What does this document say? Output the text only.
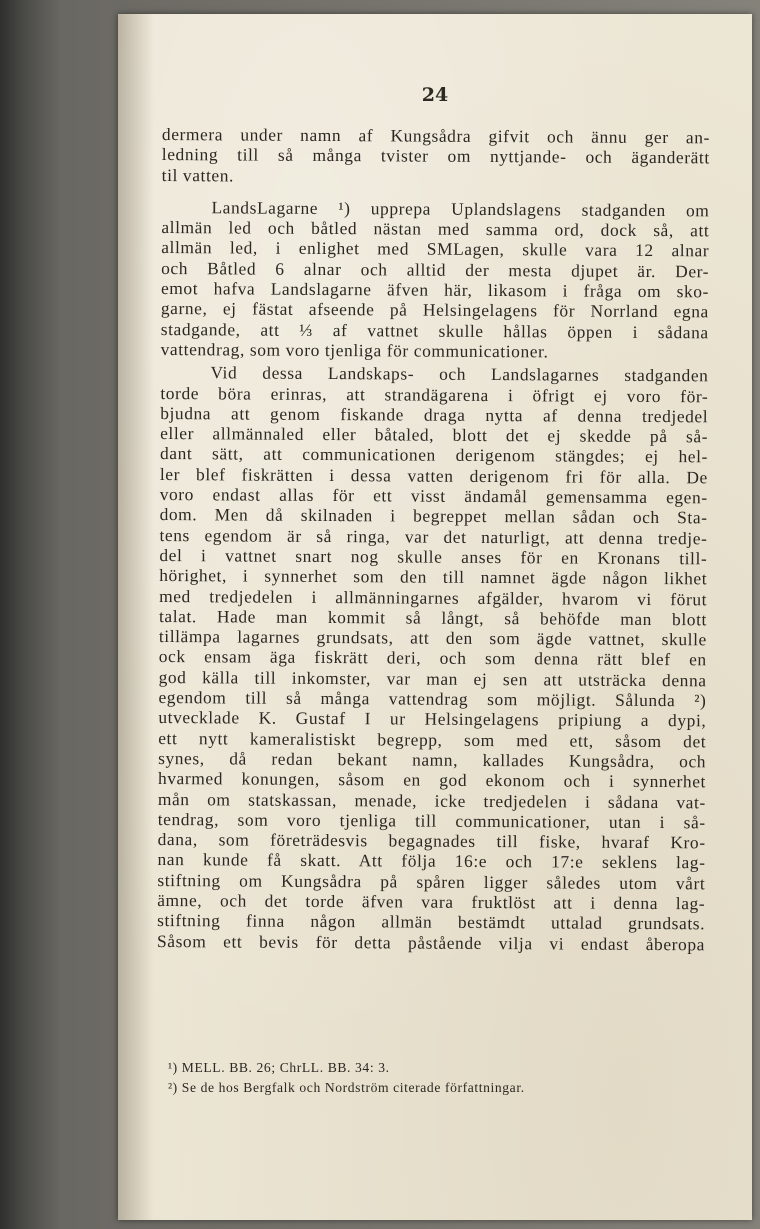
24
dermera under namn af Kungsådra gifvit och ännu ger an-
ledning till så många tvister om nyttjande- och äganderätt
til vatten.
LandsLagarne ¹) upprepa Uplandslagens stadganden om
allmän led och båtled nästan med samma ord, dock så, att
allmän led, i enlighet med SMLagen, skulle vara 12 alnar
och Båtled 6 alnar och alltid der mesta djupet är. Der-
emot hafva Landslagarne äfven här, likasom i fråga om sko-
garne, ej fästat afseende på Helsingelagens för Norrland egna
stadgande, att ⅓ af vattnet skulle hållas öppen i sådana
vattendrag, som voro tjenliga för communicationer.
Vid dessa Landskaps- och Landslagarnes stadganden
torde böra erinras, att strandägarena i öfrigt ej voro för-
bjudna att genom fiskande draga nytta af denna tredjedel
eller allmännaled eller båtaled, blott det ej skedde på så-
dant sätt, att communicationen derigenom stängdes; ej hel-
ler blef fiskrätten i dessa vatten derigenom fri för alla. De
voro endast allas för ett visst ändamål gemensamma egen-
dom. Men då skilnaden i begreppet mellan sådan och Sta-
tens egendom är så ringa, var det naturligt, att denna tredje-
del i vattnet snart nog skulle anses för en Kronans till-
hörighet, i synnerhet som den till namnet ägde någon likhet
med tredjedelen i allmänningarnes afgälder, hvarom vi förut
talat. Hade man kommit så långt, så behöfde man blott
tillämpa lagarnes grundsats, att den som ägde vattnet, skulle
ock ensam äga fiskrätt deri, och som denna rätt blef en
god källa till inkomster, var man ej sen att utsträcka denna
egendom till så många vattendrag som möjligt. Sålunda ²)
utvecklade K. Gustaf I ur Helsingelagens pripiung a dypi,
ett nytt kameralistiskt begrepp, som med ett, såsom det
synes, då redan bekant namn, kallades Kungsådra, och
hvarmed konungen, såsom en god ekonom och i synnerhet
mån om statskassan, menade, icke tredjedelen i sådana vat-
tendrag, som voro tjenliga till communicationer, utan i så-
dana, som företrädesvis begagnades till fiske, hvaraf Kro-
nan kunde få skatt. Att följa 16:e och 17:e seklens lag-
stiftning om Kungsådra på spåren ligger således utom vårt
ämne, och det torde äfven vara fruktlöst att i denna lag-
stiftning finna någon allmän bestämdt uttalad grundsats.
Såsom ett bevis för detta påstående vilja vi endast åberopa
¹) MELL. BB. 26; ChrLL. BB. 34: 3.
²) Se de hos Bergfalk och Nordström citerade författningar.
